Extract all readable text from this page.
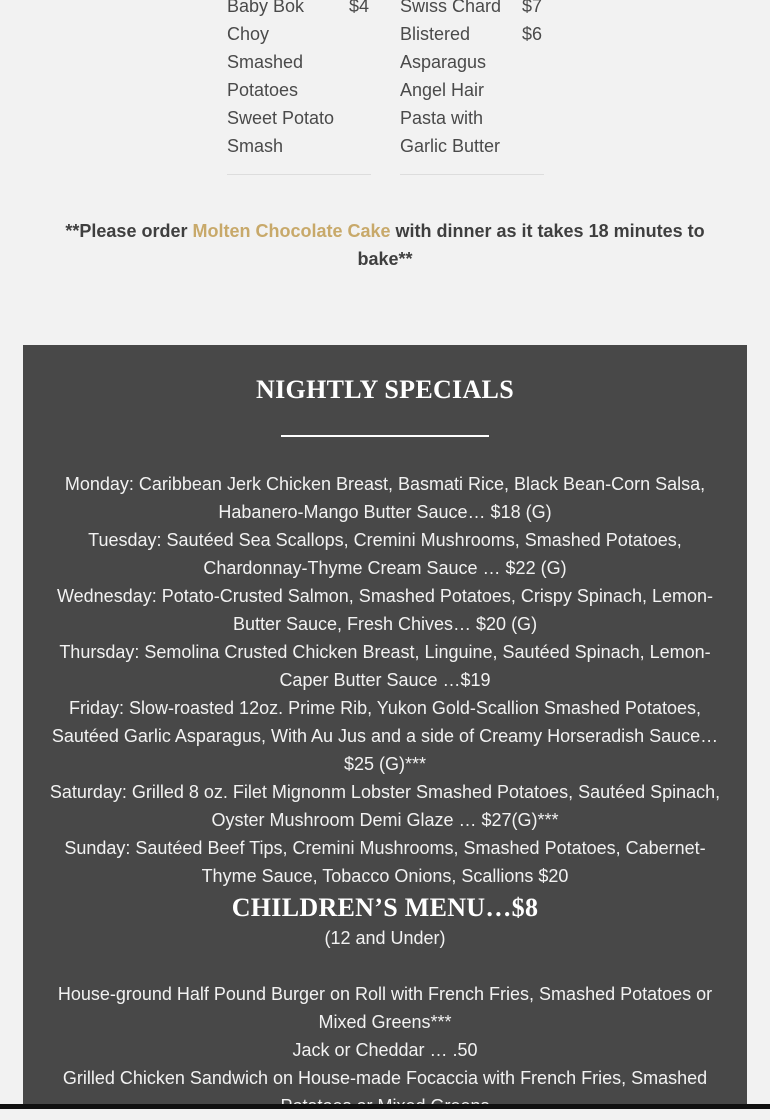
Baby Bok Choy
$4
Smashed Potatoes
Sweet Potato Smash
Swiss Chard	$7
Blistered Asparagus
$6
Angel Hair Pasta with Garlic Butter
**Please order Molten Chocolate Cake with dinner as it takes 18 minutes to bake**
NIGHTLY SPECIALS

Monday: Caribbean Jerk Chicken Breast, Basmati Rice, Black Bean-Corn Salsa, Habanero-Mango Butter Sauce… $18 (G)

Tuesday: Sautéed Sea Scallops, Cremini Mushrooms, Smashed Potatoes, Chardonnay-Thyme Cream Sauce … $22 (G)

Wednesday: Potato-Crusted Salmon, Smashed Potatoes, Crispy Spinach, Lemon-Butter Sauce, Fresh Chives… $20 (G)

Thursday: Semolina Crusted Chicken Breast, Linguine, Sautéed Spinach, Lemon-Caper Butter Sauce …$19

Friday: Slow-roasted 12oz. Prime Rib, Yukon Gold-Scallion Smashed Potatoes, Sautéed Garlic Asparagus, With Au Jus and a side of Creamy Horseradish Sauce…$25 (G)***

Saturday: Grilled 8 oz. Filet Mignonm Lobster Smashed Potatoes, Sautéed Spinach, Oyster Mushroom Demi Glaze … $27(G)***

Sunday: Sautéed Beef Tips, Cremini Mushrooms, Smashed Potatoes, Cabernet-Thyme Sauce, Tobacco Onions, Scallions $20

CHILDREN’S MENU…$8

(12 and Under)

House-ground Half Pound Burger on Roll with French Fries, Smashed Potatoes or Mixed Greens***

Jack or Cheddar … .50

Grilled Chicken Sandwich on House-made Focaccia with French Fries, Smashed
